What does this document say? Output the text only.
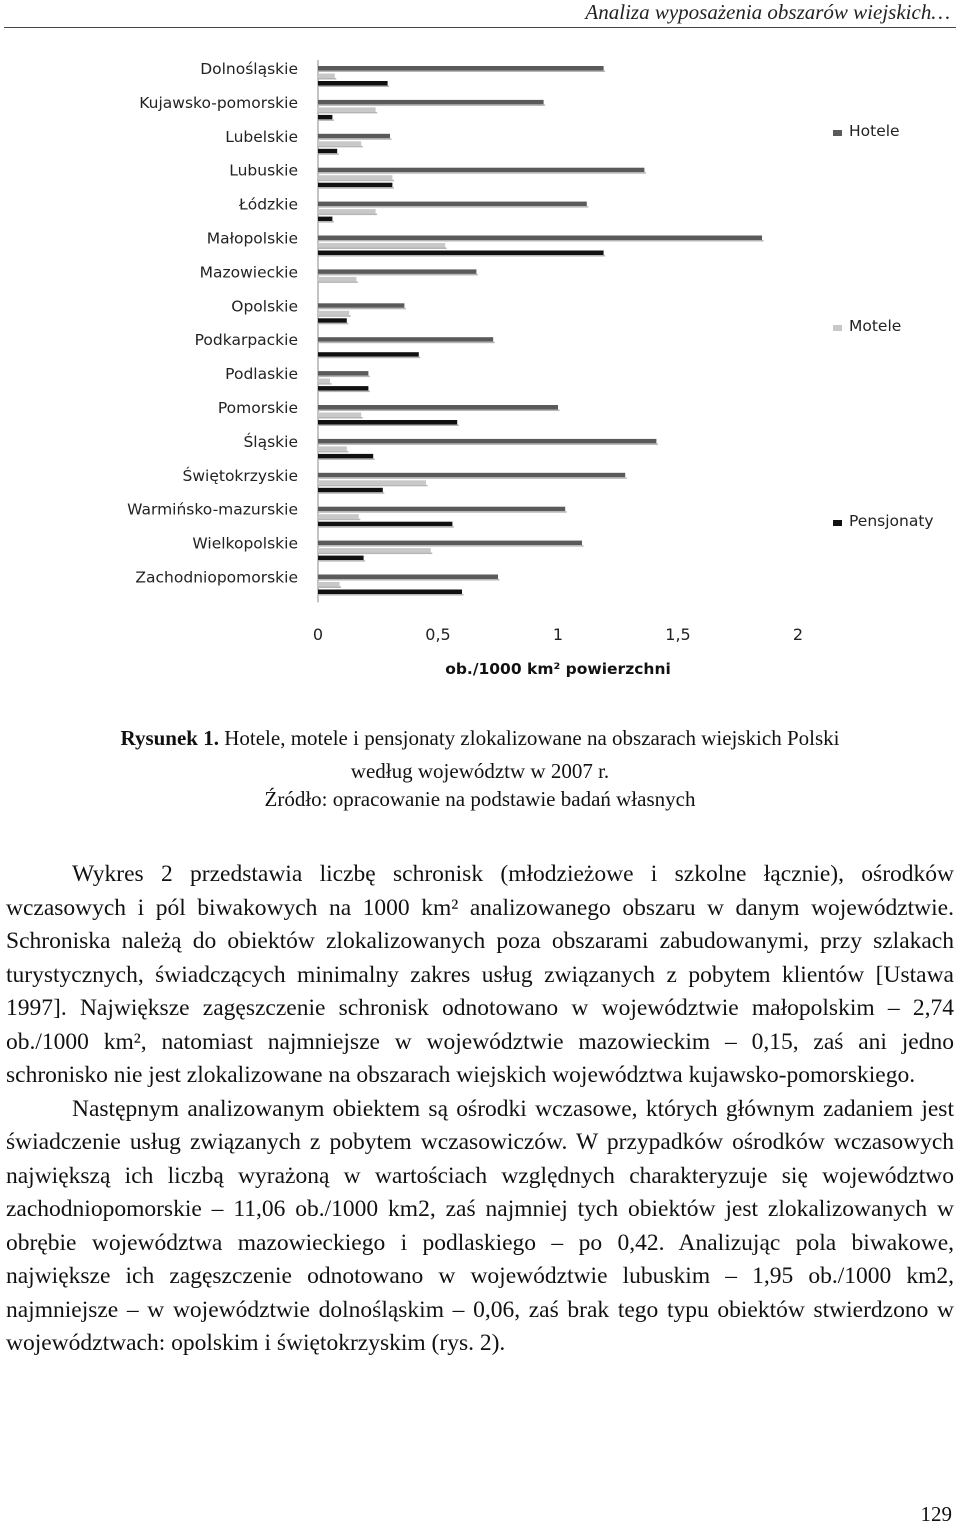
Analiza wyposażenia obszarów wiejskich…
Dolnośląskie
Kujawsko-pomorskie
Lubelskie
Lubuskie
Łódzkie
Małopolskie
Mazowieckie
Opolskie
Podkarpackie
Podlaskie
Pomorskie
Śląskie
Świętokrzyskie
Warmińsko-mazurskie
Wielkopolskie
Zachodniopomorskie
0	0,5	1	1,5	2
ob./1000 km² powierzchni
Hotele
Motele
Pensjonaty
Rysunek 1. Hotele, motele i pensjonaty zlokalizowane na obszarach wiejskich Polski
według województw w 2007 r.
Źródło: opracowanie na podstawie badań własnych

Wykres 2 przedstawia liczbę schronisk (młodzieżowe i szkolne łącznie), ośrodków wczasowych i pól biwakowych na 1000 km² analizowanego obszaru w danym województwie. Schroniska należą do obiektów zlokalizowanych poza obszarami zabudowanymi, przy szlakach turystycznych, świadczących minimalny zakres usług związanych z pobytem klientów [Ustawa 1997]. Największe zagęszczenie schronisk odnotowano w województwie małopolskim – 2,74 ob./1000 km², natomiast najmniejsze w województwie mazowieckim – 0,15, zaś ani jedno schronisko nie jest zlokalizowane na obszarach wiejskich województwa kujawsko-pomorskiego.

Następnym analizowanym obiektem są ośrodki wczasowe, których głównym zadaniem jest świadczenie usług związanych z pobytem wczasowiczów. W przypadków ośrodków wczasowych największą ich liczbą wyrażoną w wartościach względnych charakteryzuje się województwo zachodniopomorskie – 11,06 ob./1000 km2, zaś najmniej tych obiektów jest zlokalizowanych w obrębie województwa mazowieckiego i podlaskiego – po 0,42. Analizując pola biwakowe, największe ich zagęszczenie odnotowano w województwie lubuskim – 1,95 ob./1000 km2, najmniejsze – w województwie dolnośląskim – 0,06, zaś brak tego typu obiektów stwierdzono w województwach: opolskim i świętokrzyskim (rys. 2).

129
